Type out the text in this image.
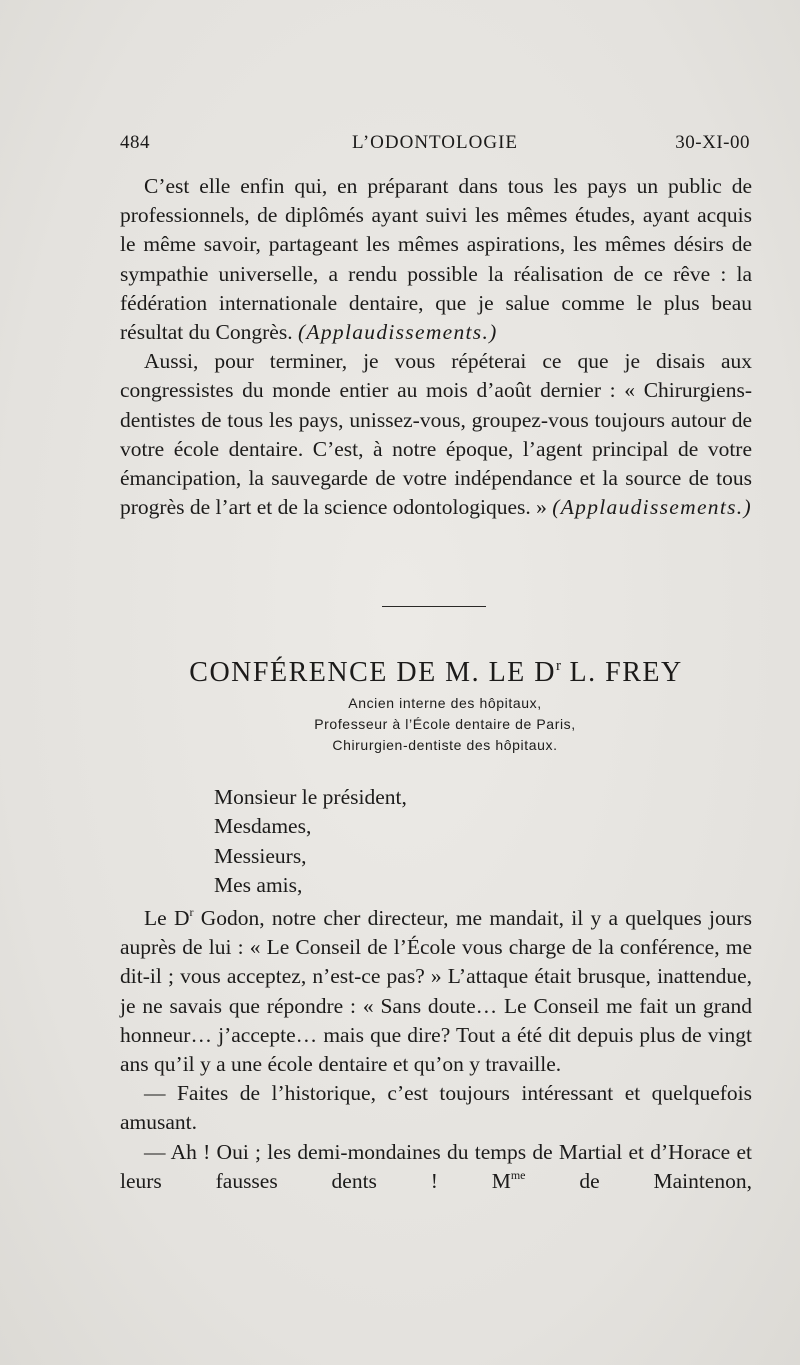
L’ODONTOLOGIE
484	30-XI-00

C’est elle enfin qui, en préparant dans tous les pays un public de professionnels, de diplômés ayant suivi les mêmes études, ayant acquis le même savoir, partageant les mêmes aspirations, les mêmes désirs de sympathie universelle, a rendu possible la réalisation de ce rêve : la fédération internationale dentaire, que je salue comme le plus beau résultat du Congrès. (Applaudissements.)

Aussi, pour terminer, je vous répéterai ce que je disais aux congressistes du monde entier au mois d’août dernier : « Chirurgiens-dentistes de tous les pays, unissez-vous, groupez-vous toujours autour de votre école dentaire. C’est, à notre époque, l’agent principal de votre émancipation, la sauvegarde de votre indépendance et la source de tous progrès de l’art et de la science odontologiques. » (Applaudissements.)

CONFÉRENCE DE M. LE $D^r$ L. FREY
Ancien interne des hôpitaux,
Professeur à l’École dentaire de Paris,
Chirurgien-dentiste des hôpitaux.
Monsieur le président,
Mesdames,
Messieurs,
Mes amis,

Le $D^r$ Godon, notre cher directeur, me mandait, il y a quelques jours auprès de lui : « Le Conseil de l’École vous charge de la conférence, me dit-il ; vous acceptez, n’est-ce pas? » L’attaque était brusque, inattendue, je ne savais que répondre : « Sans doute… Le Conseil me fait un grand honneur… j’accepte… mais que dire? Tout a été dit depuis plus de vingt ans qu’il y a une école dentaire et qu’on y travaille.

— Faites de l’historique, c’est toujours intéressant et quelquefois amusant.

— Ah ! Oui ; les demi-mondaines du temps de Martial et d’Horace et leurs fausses dents ! $M^{me}$ de Maintenon,
